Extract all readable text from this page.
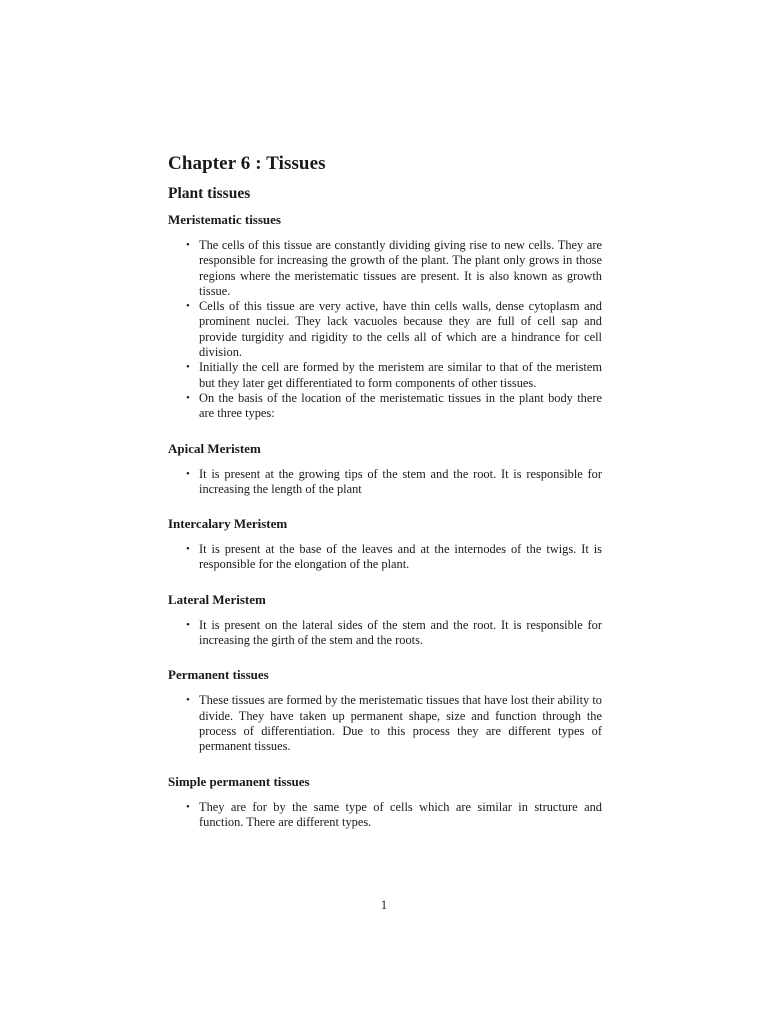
Chapter 6 : Tissues
Plant tissues
Meristematic tissues
• The cells of this tissue are constantly dividing giving rise to new cells. They are responsible for increasing the growth of the plant. The plant only grows in those regions where the meristematic tissues are present. It is also known as growth tissue.
• Cells of this tissue are very active, have thin cells walls, dense cytoplasm and prominent nuclei. They lack vacuoles because they are full of cell sap and provide turgidity and rigidity to the cells all of which are a hindrance for cell division.
• Initially the cell are formed by the meristem are similar to that of the meristem but they later get differentiated to form components of other tissues.
• On the basis of the location of the meristematic tissues in the plant body there are three types:
Apical Meristem
• It is present at the growing tips of the stem and the root. It is responsible for increasing the length of the plant
Intercalary Meristem
• It is present at the base of the leaves and at the internodes of the twigs. It is responsible for the elongation of the plant.
Lateral Meristem
• It is present on the lateral sides of the stem and the root. It is responsible for increasing the girth of the stem and the roots.
Permanent tissues
• These tissues are formed by the meristematic tissues that have lost their ability to divide. They have taken up permanent shape, size and function through the process of differentiation. Due to this process they are different types of permanent tissues.
Simple permanent tissues
• They are for by the same type of cells which are similar in structure and function. There are different types.
1
